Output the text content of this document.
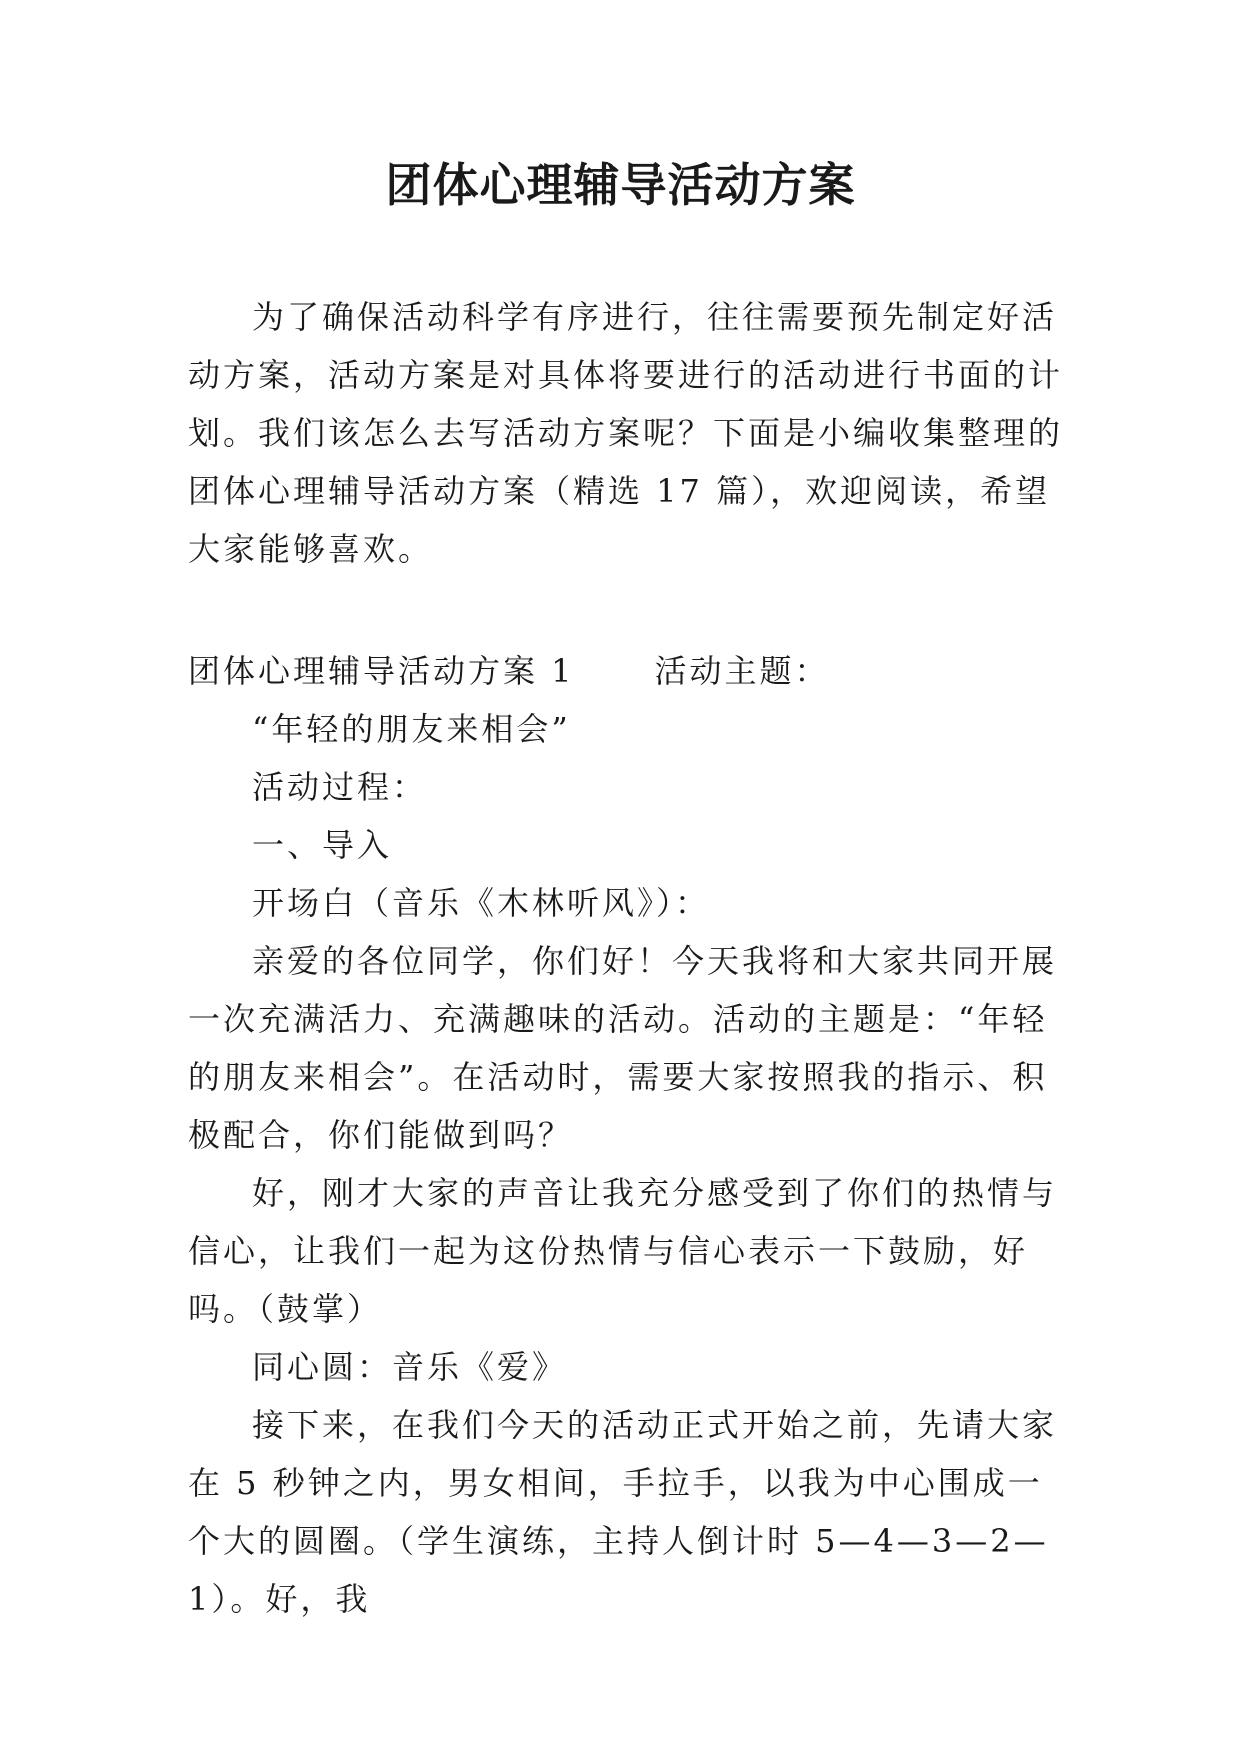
团体心理辅导活动方案

为了确保活动科学有序进行，往往需要预先制定好活动方案，活动方案是对具体将要进行的活动进行书面的计划。我们该怎么去写活动方案呢？下面是小编收集整理的团体心理辅导活动方案（精选 17 篇），欢迎阅读，希望大家能够喜欢。

团体心理辅导活动方案 1	活动主题：

“年轻的朋友来相会”

活动过程：

一、导入

开场白（音乐《木林听风》）：

亲爱的各位同学，你们好！今天我将和大家共同开展一次充满活力、充满趣味的活动。活动的主题是：“年轻的朋友来相会”。在活动时，需要大家按照我的指示、积极配合，你们能做到吗？

好，刚才大家的声音让我充分感受到了你们的热情与信心，让我们一起为这份热情与信心表示一下鼓励，好吗。（鼓掌）

同心圆：音乐《爱》

接下来，在我们今天的活动正式开始之前，先请大家在 5 秒钟之内，男女相间，手拉手，以我为中心围成一个大的圆圈。（学生演练，主持人倒计时 5—4—3—2—1）。好，我
